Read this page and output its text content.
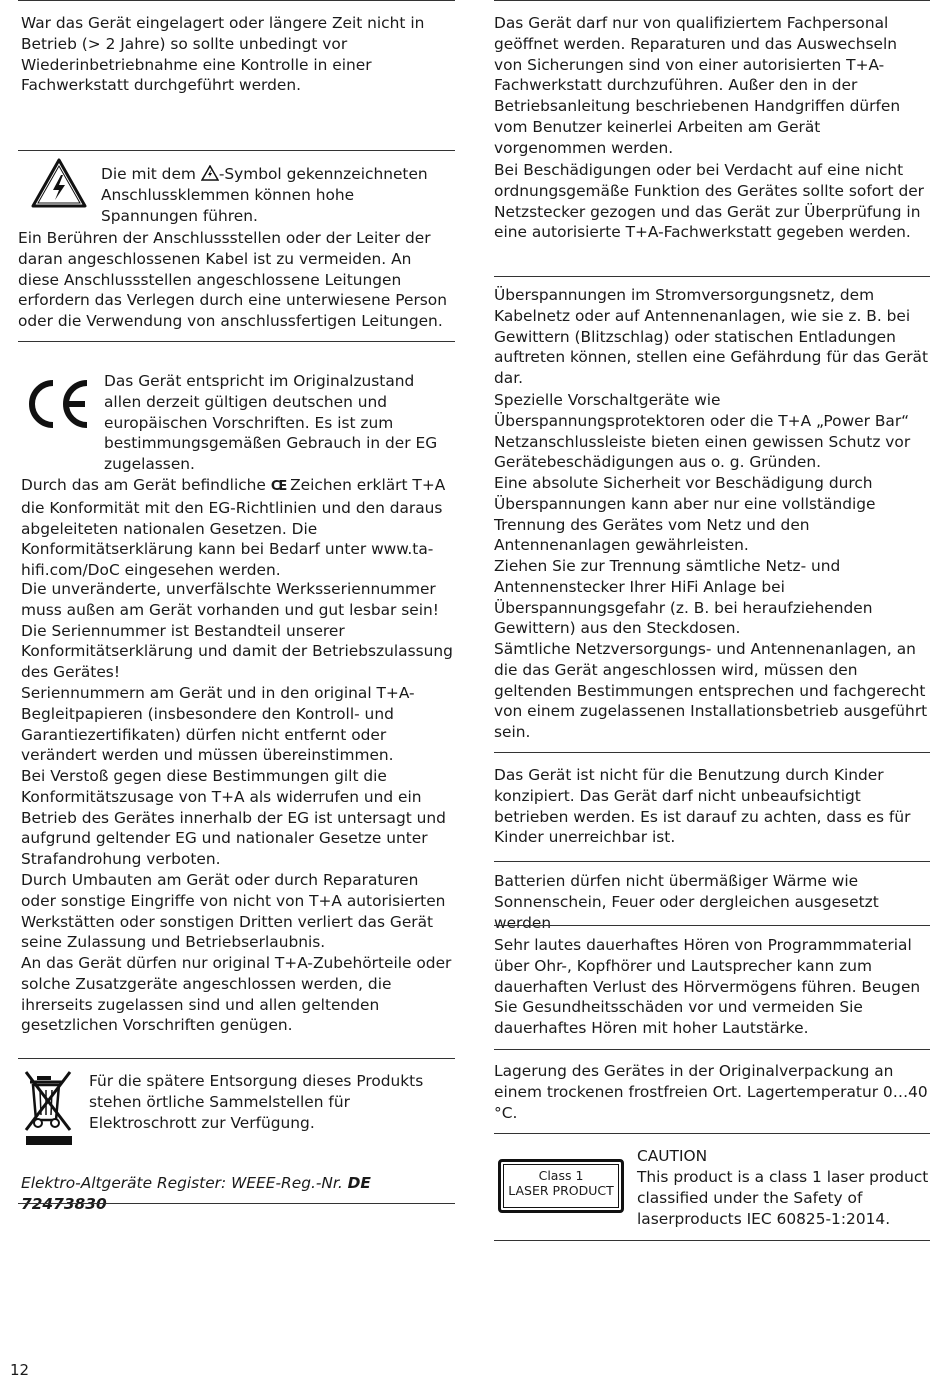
War das Gerät eingelagert oder längere Zeit nicht in Betrieb (> 2 Jahre) so sollte unbedingt vor Wiederinbetriebnahme eine Kontrolle in einer Fachwerkstatt durchgeführt werden.

Die mit dem -Symbol gekennzeichneten Anschlussklemmen können hohe Spannungen führen.

Ein Berühren der Anschlussstellen oder der Leiter der daran angeschlossenen Kabel ist zu vermeiden. An diese Anschlussstellen angeschlossene Leitungen erfordern das Verlegen durch eine unterwiesene Person oder die Verwendung von anschlussfertigen Leitungen.

Das Gerät entspricht im Originalzustand allen derzeit gültigen deutschen und europäischen Vorschriften. Es ist zum bestimmungsgemäßen Gebrauch in der EG zugelassen.

Durch das am Gerät befindliche CE Zeichen erklärt T+A die Konformität mit den EG-Richtlinien und den daraus abgeleiteten nationalen Gesetzen. Die Konformitätserklärung kann bei Bedarf unter www.ta-hifi.com/DoC eingesehen werden.

Die unveränderte, unverfälschte Werksseriennummer muss außen am Gerät vorhanden und gut lesbar sein! Die Seriennummer ist Bestandteil unserer Konformitätserklärung und damit der Betriebszulassung des Gerätes!

Seriennummern am Gerät und in den original T+A-Begleitpapieren (insbesondere den Kontroll- und Garantiezertifikaten) dürfen nicht entfernt oder verändert werden und müssen übereinstimmen.

Bei Verstoß gegen diese Bestimmungen gilt die Konformitätszusage von T+A als widerrufen und ein Betrieb des Gerätes innerhalb der EG ist untersagt und aufgrund geltender EG und nationaler Gesetze unter Strafandrohung verboten.

Durch Umbauten am Gerät oder durch Reparaturen oder sonstige Eingriffe von nicht von T+A autorisierten Werkstätten oder sonstigen Dritten verliert das Gerät seine Zulassung und Betriebserlaubnis.

An das Gerät dürfen nur original T+A-Zubehörteile oder solche Zusatzgeräte angeschlossen werden, die ihrerseits zugelassen sind und allen geltenden gesetzlichen Vorschriften genügen.

Für die spätere Entsorgung dieses Produkts stehen örtliche Sammelstellen für Elektroschrott zur Verfügung.

Elektro-Altgeräte Register: WEEE-Reg.-Nr. DE 72473830

Das Gerät darf nur von qualifiziertem Fachpersonal geöffnet werden. Reparaturen und das Auswechseln von Sicherungen sind von einer autorisierten T+A-Fachwerkstatt durchzuführen. Außer den in der Betriebsanleitung beschriebenen Handgriffen dürfen vom Benutzer keinerlei Arbeiten am Gerät vorgenommen werden.

Bei Beschädigungen oder bei Verdacht auf eine nicht ordnungsgemäße Funktion des Gerätes sollte sofort der Netzstecker gezogen und das Gerät zur Überprüfung in eine autorisierte T+A-Fachwerkstatt gegeben werden.

Überspannungen im Stromversorgungsnetz, dem Kabelnetz oder auf Antennenanlagen, wie sie z. B. bei Gewittern (Blitzschlag) oder statischen Entladungen auftreten können, stellen eine Gefährdung für das Gerät dar.

Spezielle Vorschaltgeräte wie Überspannungsprotektoren oder die T+A „Power Bar“ Netzanschlussleiste bieten einen gewissen Schutz vor Gerätebeschädigungen aus o. g. Gründen.

Eine absolute Sicherheit vor Beschädigung durch Überspannungen kann aber nur eine vollständige Trennung des Gerätes vom Netz und den Antennenanlagen gewährleisten.

Ziehen Sie zur Trennung sämtliche Netz- und Antennenstecker Ihrer HiFi Anlage bei Überspannungsgefahr (z. B. bei heraufziehenden Gewittern) aus den Steckdosen.

Sämtliche Netzversorgungs- und Antennenanlagen, an die das Gerät angeschlossen wird, müssen den geltenden Bestimmungen entsprechen und fachgerecht von einem zugelassenen Installationsbetrieb ausgeführt sein.

Das Gerät ist nicht für die Benutzung durch Kinder konzipiert. Das Gerät darf nicht unbeaufsichtigt betrieben werden. Es ist darauf zu achten, dass es für Kinder unerreichbar ist.

Batterien dürfen nicht übermäßiger Wärme wie Sonnenschein, Feuer oder dergleichen ausgesetzt werden

Sehr lautes dauerhaftes Hören von Programmmaterial über Ohr-, Kopfhörer und Lautsprecher kann zum dauerhaften Verlust des Hörvermögens führen. Beugen Sie Gesundheitsschäden vor und vermeiden Sie dauerhaftes Hören mit hoher Lautstärke.

Lagerung des Gerätes in der Originalverpackung an einem trockenen frostfreien Ort. Lagertemperatur 0…40 °C.

Class 1
LASER PRODUCT

CAUTION

This product is a class 1 laser product classified under the Safety of laserproducts IEC 60825-1:2014.

12
